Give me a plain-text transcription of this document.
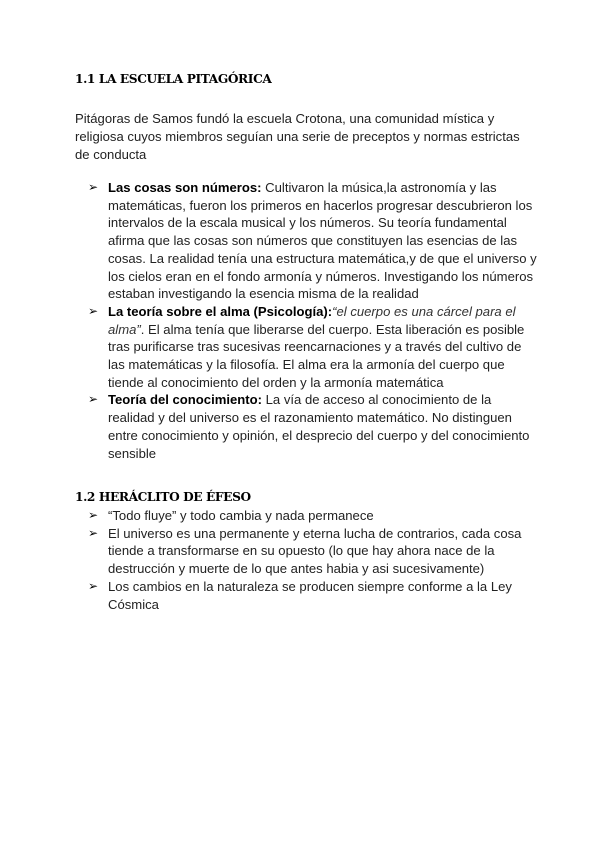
1.1 LA ESCUELA PITAGÓRICA

Pitágoras de Samos fundó la escuela Crotona, una comunidad mística y religiosa cuyos miembros seguían una serie de preceptos y normas estrictas de conducta

➢ Las cosas son números: Cultivaron la música,la astronomía y las matemáticas, fueron los primeros en hacerlos progresar descubrieron los intervalos de la escala musical y los números. Su teoría fundamental afirma que las cosas son números que constituyen las esencias de las cosas. La realidad tenía una estructura matemática,y de que el universo y los cielos eran en el fondo armonía y números. Investigando los números estaban investigando la esencia misma de la realidad
➢ La teoría sobre el alma (Psicología):“el cuerpo es una cárcel para el alma”. El alma tenía que liberarse del cuerpo. Esta liberación es posible tras purificarse tras sucesivas reencarnaciones y a través del cultivo de las matemáticas y la filosofía. El alma era la armonía del cuerpo que tiende al conocimiento del orden y la armonía matemática
➢ Teoría del conocimiento: La vía de acceso al conocimiento de la realidad y del universo es el razonamiento matemático. No distinguen entre conocimiento y opinión, el desprecio del cuerpo y del conocimiento sensible
1.2 HERÁCLITO DE ÉFESO
➢ “Todo fluye” y todo cambia y nada permanece
➢ El universo es una permanente y eterna lucha de contrarios, cada cosa tiende a transformarse en su opuesto (lo que hay ahora nace de la destrucción y muerte de lo que antes habia y asi sucesivamente)
➢ Los cambios en la naturaleza se producen siempre conforme a la Ley Cósmica
